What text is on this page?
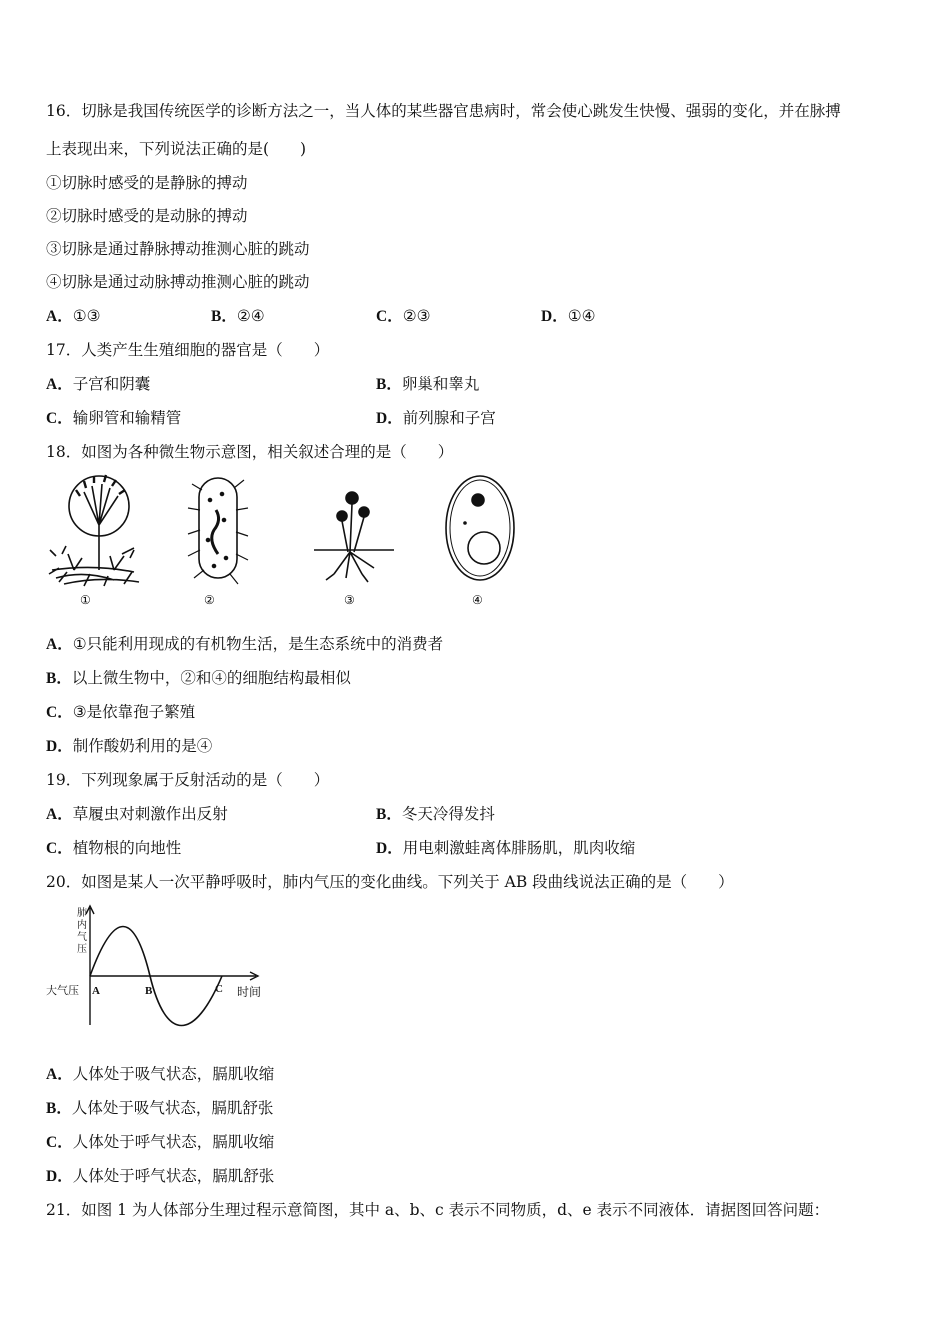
16．切脉是我国传统医学的诊断方法之一，当人体的某些器官患病时，常会使心跳发生快慢、强弱的变化，并在脉搏
上表现出来，下列说法正确的是(　　)
①切脉时感受的是静脉的搏动
②切脉时感受的是动脉的搏动
③切脉是通过静脉搏动推测心脏的跳动
④切脉是通过动脉搏动推测心脏的跳动
A．①③	B．②④	C．②③	D．①④
17．人类产生生殖细胞的器官是（　　）
A．子宫和阴囊	B．卵巢和睾丸
C．输卵管和输精管	D．前列腺和子宫
18．如图为各种微生物示意图，相关叙述合理的是（　　）
①	②	③	④
A．①只能利用现成的有机物生活，是生态系统中的消费者
B．以上微生物中，②和④的细胞结构最相似
C．③是依靠孢子繁殖
D．制作酸奶利用的是④
19．下列现象属于反射活动的是（　　）
A．草履虫对刺激作出反射	B．冬天冷得发抖
C．植物根的向地性	D．用电刺激蛙离体腓肠肌，肌肉收缩
20．如图是某人一次平静呼吸时，肺内气压的变化曲线。下列关于 AB 段曲线说法正确的是（　　）
肺
内
气
压
大气压	时间
A	B	C
A．人体处于吸气状态，膈肌收缩
B．人体处于吸气状态，膈肌舒张
C．人体处于呼气状态，膈肌收缩
D．人体处于呼气状态，膈肌舒张
21．如图 1 为人体部分生理过程示意简图，其中 a、b、c 表示不同物质，d、e 表示不同液体．请据图回答问题：
